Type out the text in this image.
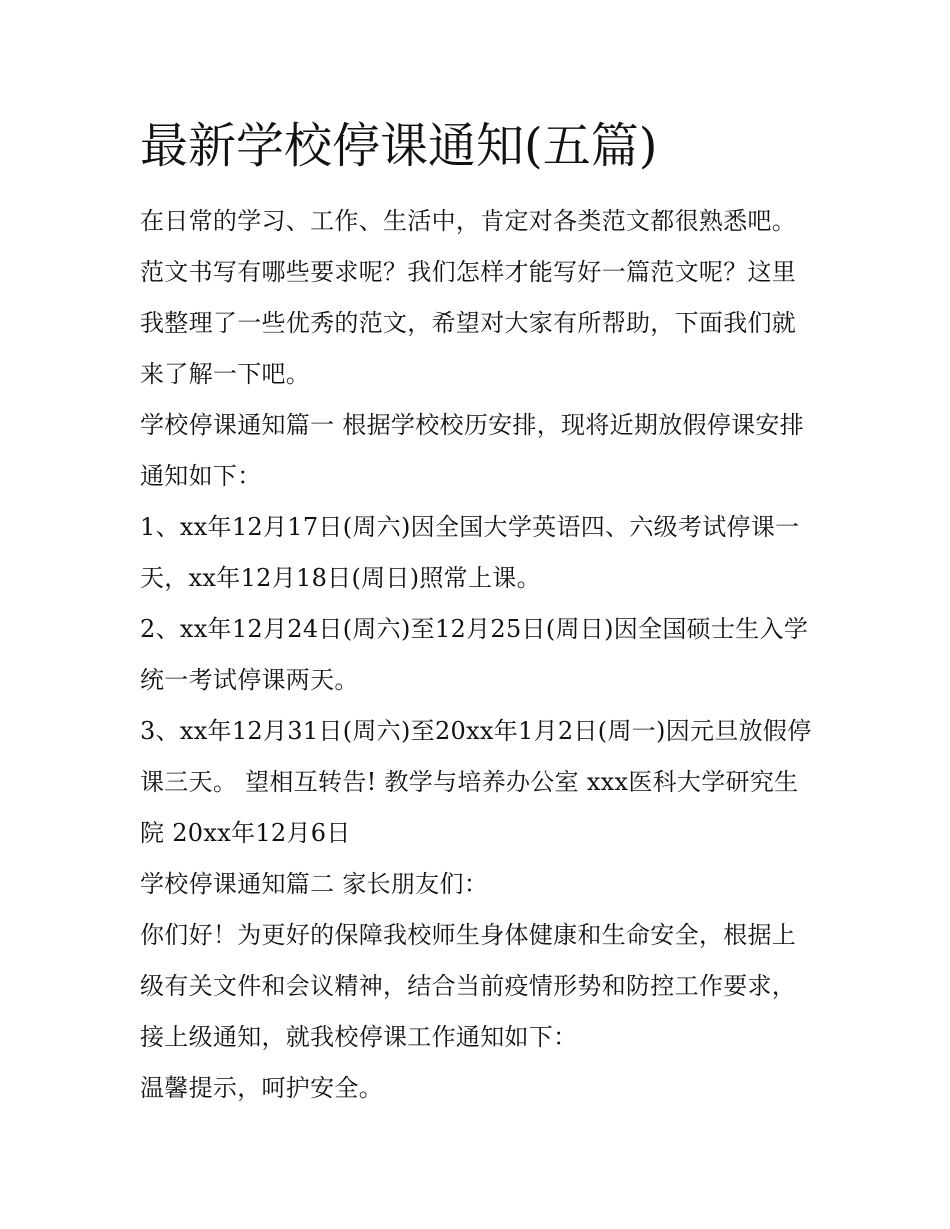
最新学校停课通知(五篇)

在日常的学习、工作、生活中，肯定对各类范文都很熟悉吧。范文书写有哪些要求呢？我们怎样才能写好一篇范文呢？这里我整理了一些优秀的范文，希望对大家有所帮助，下面我们就来了解一下吧。

学校停课通知篇一 根据学校校历安排，现将近期放假停课安排通知如下：

1、xx年12月17日(周六)因全国大学英语四、六级考试停课一天，xx年12月18日(周日)照常上课。

2、xx年12月24日(周六)至12月25日(周日)因全国硕士生入学统一考试停课两天。

3、xx年12月31日(周六)至20xx年1月2日(周一)因元旦放假停课三天。 望相互转告! 教学与培养办公室 xxx医科大学研究生院 20xx年12月6日

学校停课通知篇二 家长朋友们：

你们好！为更好的保障我校师生身体健康和生命安全，根据上级有关文件和会议精神，结合当前疫情形势和防控工作要求，接上级通知，就我校停课工作通知如下：

温馨提示，呵护安全。
